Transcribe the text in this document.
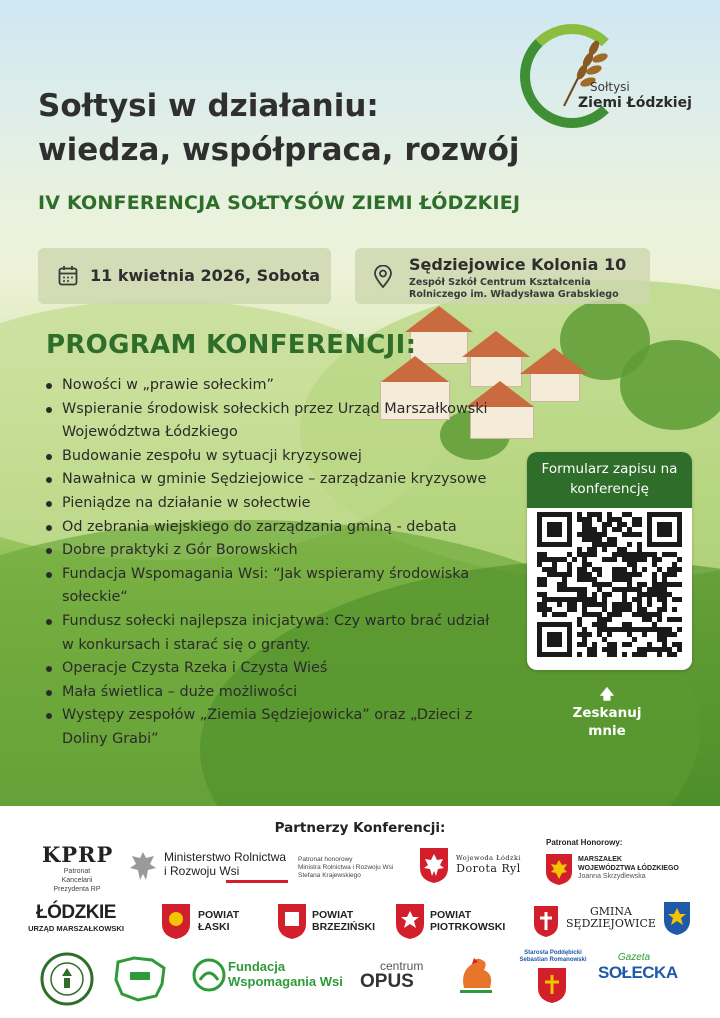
Sołtysi
Ziemi Łódzkiej
Sołtysi w działaniu:
wiedza, współpraca, rozwój
IV KONFERENCJA SOŁTYSÓW ZIEMI ŁÓDZKIEJ
11 kwietnia 2026, Sobota
Sędziejowice Kolonia 10
Zespół Szkół Centrum Kształcenia
Rolniczego im. Władysława Grabskiego
PROGRAM KONFERENCJI:
Nowości w „prawie sołeckim”
Wspieranie środowisk sołeckich przez Urząd Marszałkowski Województwa Łódzkiego
Budowanie zespołu w sytuacji kryzysowej
Nawałnica w gminie Sędziejowice – zarządzanie kryzysowe
Pieniądze na działanie w sołectwie
Od zebrania wiejskiego do zarządzania gminą - debata
Dobre praktyki z Gór Borowskich
Fundacja Wspomagania Wsi: “Jak wspieramy środowiska sołeckie“
Fundusz sołecki najlepsza inicjatywa: Czy warto brać udział w konkursach i starać się o granty.
Operacje Czysta Rzeka i Czysta Wieś
Mała świetlica – duże możliwości
Występy zespołów „Ziemia Sędziejowicka” oraz „Dzieci z Doliny Grabi”
Formularz zapisu na konferencję
🡅
Zeskanuj
mnie
Partnerzy Konferencji:
KPRP
Patronat
Kancelarii
Prezydenta RP
Ministerstwo Rolnictwa
i Rozwoju Wsi
Patronat honorowy
Ministra Rolnictwa i Rozwoju Wsi
Stefana Krajewskiego
Wojewoda Łódzki
Dorota Ryl
Patronat Honorowy:
MARSZAŁEK
WOJEWÓDZTWA ŁÓDZKIEGO
Joanna Skrzydlewska
ŁÓDZKIE
URZĄD MARSZAŁKOWSKI
POWIAT
ŁASKI
POWIAT
BRZEZIŃSKI
POWIAT
PIOTRKOWSKI
GMINA
SĘDZIEJOWICE
Fundacja
Wspomagania Wsi
centrum
OPUS
Starosta Poddębicki
Sebastian Romanowski	Gazeta
SOŁECKA
